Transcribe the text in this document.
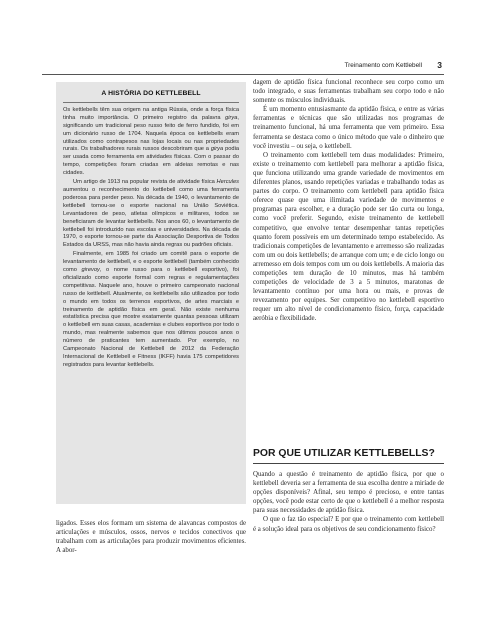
Treinamento com Kettlebell 3
A HISTÓRIA DO KETTLEBELL

Os kettlebells têm sua origem na antiga Rússia, onde a força física tinha muito importância. O primeiro registro da palavra girya, significando um tradicional peso russo feito de ferro fundido, foi em um dicionário russo de 1704. Naquela época os kettlebells eram utilizados como contrapesos nas lojas locais ou nas propriedades rurais. Os trabalhadores rurais russos descobriram que a girya podia ser usada como ferramenta em atividades físicas. Com o passar do tempo, competições foram criadas em aldeias remotas e nas cidades.

Um artigo de 1913 na popular revista de atividade física Hercules aumentou o reconhecimento do kettlebell como uma ferramenta poderosa para perder peso. Na década de 1940, o levantamento de kettlebell tornou-se o esporte nacional na União Soviética. Levantadores de peso, atletas olímpicos e militares, todos se beneficiaram de levantar kettlebells. Nos anos 60, o levantamento de kettlebell foi introduzido nas escolas e universidades. Na década de 1970, o esporte tornou-se parte da Associação Desportiva de Todos Estados da URSS, mas não havia ainda regras ou padrões oficiais.

Finalmente, em 1985 foi criado um comitê para o esporte de levantamento de kettlebell, e o esporte kettlebell (também conhecido como girevoy, o nome russo para o kettlebell esportivo), foi oficializado como esporte formal com regras e regulamentações competitivas. Naquele ano, houve o primeiro campeonato nacional russo de kettlebell. Atualmente, os kettlebells são utilizados por todo o mundo em todos os terrenos esportivos, de artes marciais e treinamento de aptidão física em geral. Não existe nenhuma estatística precisa que mostre exatamente quantas pessoas utilizam o kettlebell em suas casas, academias e clubes esportivos por todo o mundo, mas realmente sabemos que nos últimos poucos anos o número de praticantes tem aumentado. Por exemplo, no Campeonato Nacional de Kettlebell de 2012 da Federação Internacional de Kettlebell e Fitness (IKFF) havia 175 competidores registrados para levantar kettlebells.

ligados. Esses elos formam um sistema de alavancas compostos de articulações e músculos, ossos, nervos e tecidos conectivos que trabalham com as articulações para produzir movimentos eficientes. A abor-

dagem de aptidão física funcional reconhece seu corpo como um todo integrado, e suas ferramentas trabalham seu corpo todo e não somente os músculos individuais.

É um momento entusiasmante da aptidão física, e entre as várias ferramentas e técnicas que são utilizadas nos programas de treinamento funcional, há uma ferramenta que vem primeiro. Essa ferramenta se destaca como o único método que vale o dinheiro que você investiu – ou seja, o kettlebell.

O treinamento com kettlebell tem duas modalidades: Primeiro, existe o treinamento com kettlebell para melhorar a aptidão física, que funciona utilizando uma grande variedade de movimentos em diferentes planos, usando repetições variadas e trabalhando todas as partes do corpo. O treinamento com kettlebell para aptidão física oferece quase que uma ilimitada variedade de movimentos e programas para escolher, e a duração pode ser tão curta ou longa, como você preferir. Segundo, existe treinamento de kettlebell competitivo, que envolve tentar desempenhar tantas repetições quanto forem possíveis em um determinado tempo estabelecido. As tradicionais competições de levantamento e arremesso são realizadas com um ou dois kettlebells; de arranque com um; e de ciclo longo ou arremesso em dois tempos com um ou dois kettlebells. A maioria das competições tem duração de 10 minutos, mas há também competições de velocidade de 3 a 5 minutos, maratonas de levantamento contínuo por uma hora ou mais, e provas de revezamento por equipes. Ser competitivo no kettlebell esportivo requer um alto nível de condicionamento físico, força, capacidade aeróbia e flexibilidade.

POR QUE UTILIZAR KETTLEBELLS?

Quando a questão é treinamento de aptidão física, por que o kettlebell deveria ser a ferramenta de sua escolha dentre a miríade de opções disponíveis? Afinal, seu tempo é precioso, e entre tantas opções, você pode estar certo de que o kettlebell é a melhor resposta para suas necessidades de aptidão física.

O que o faz tão especial? E por que o treinamento com kettlebell é a solução ideal para os objetivos de seu condicionamento físico?
